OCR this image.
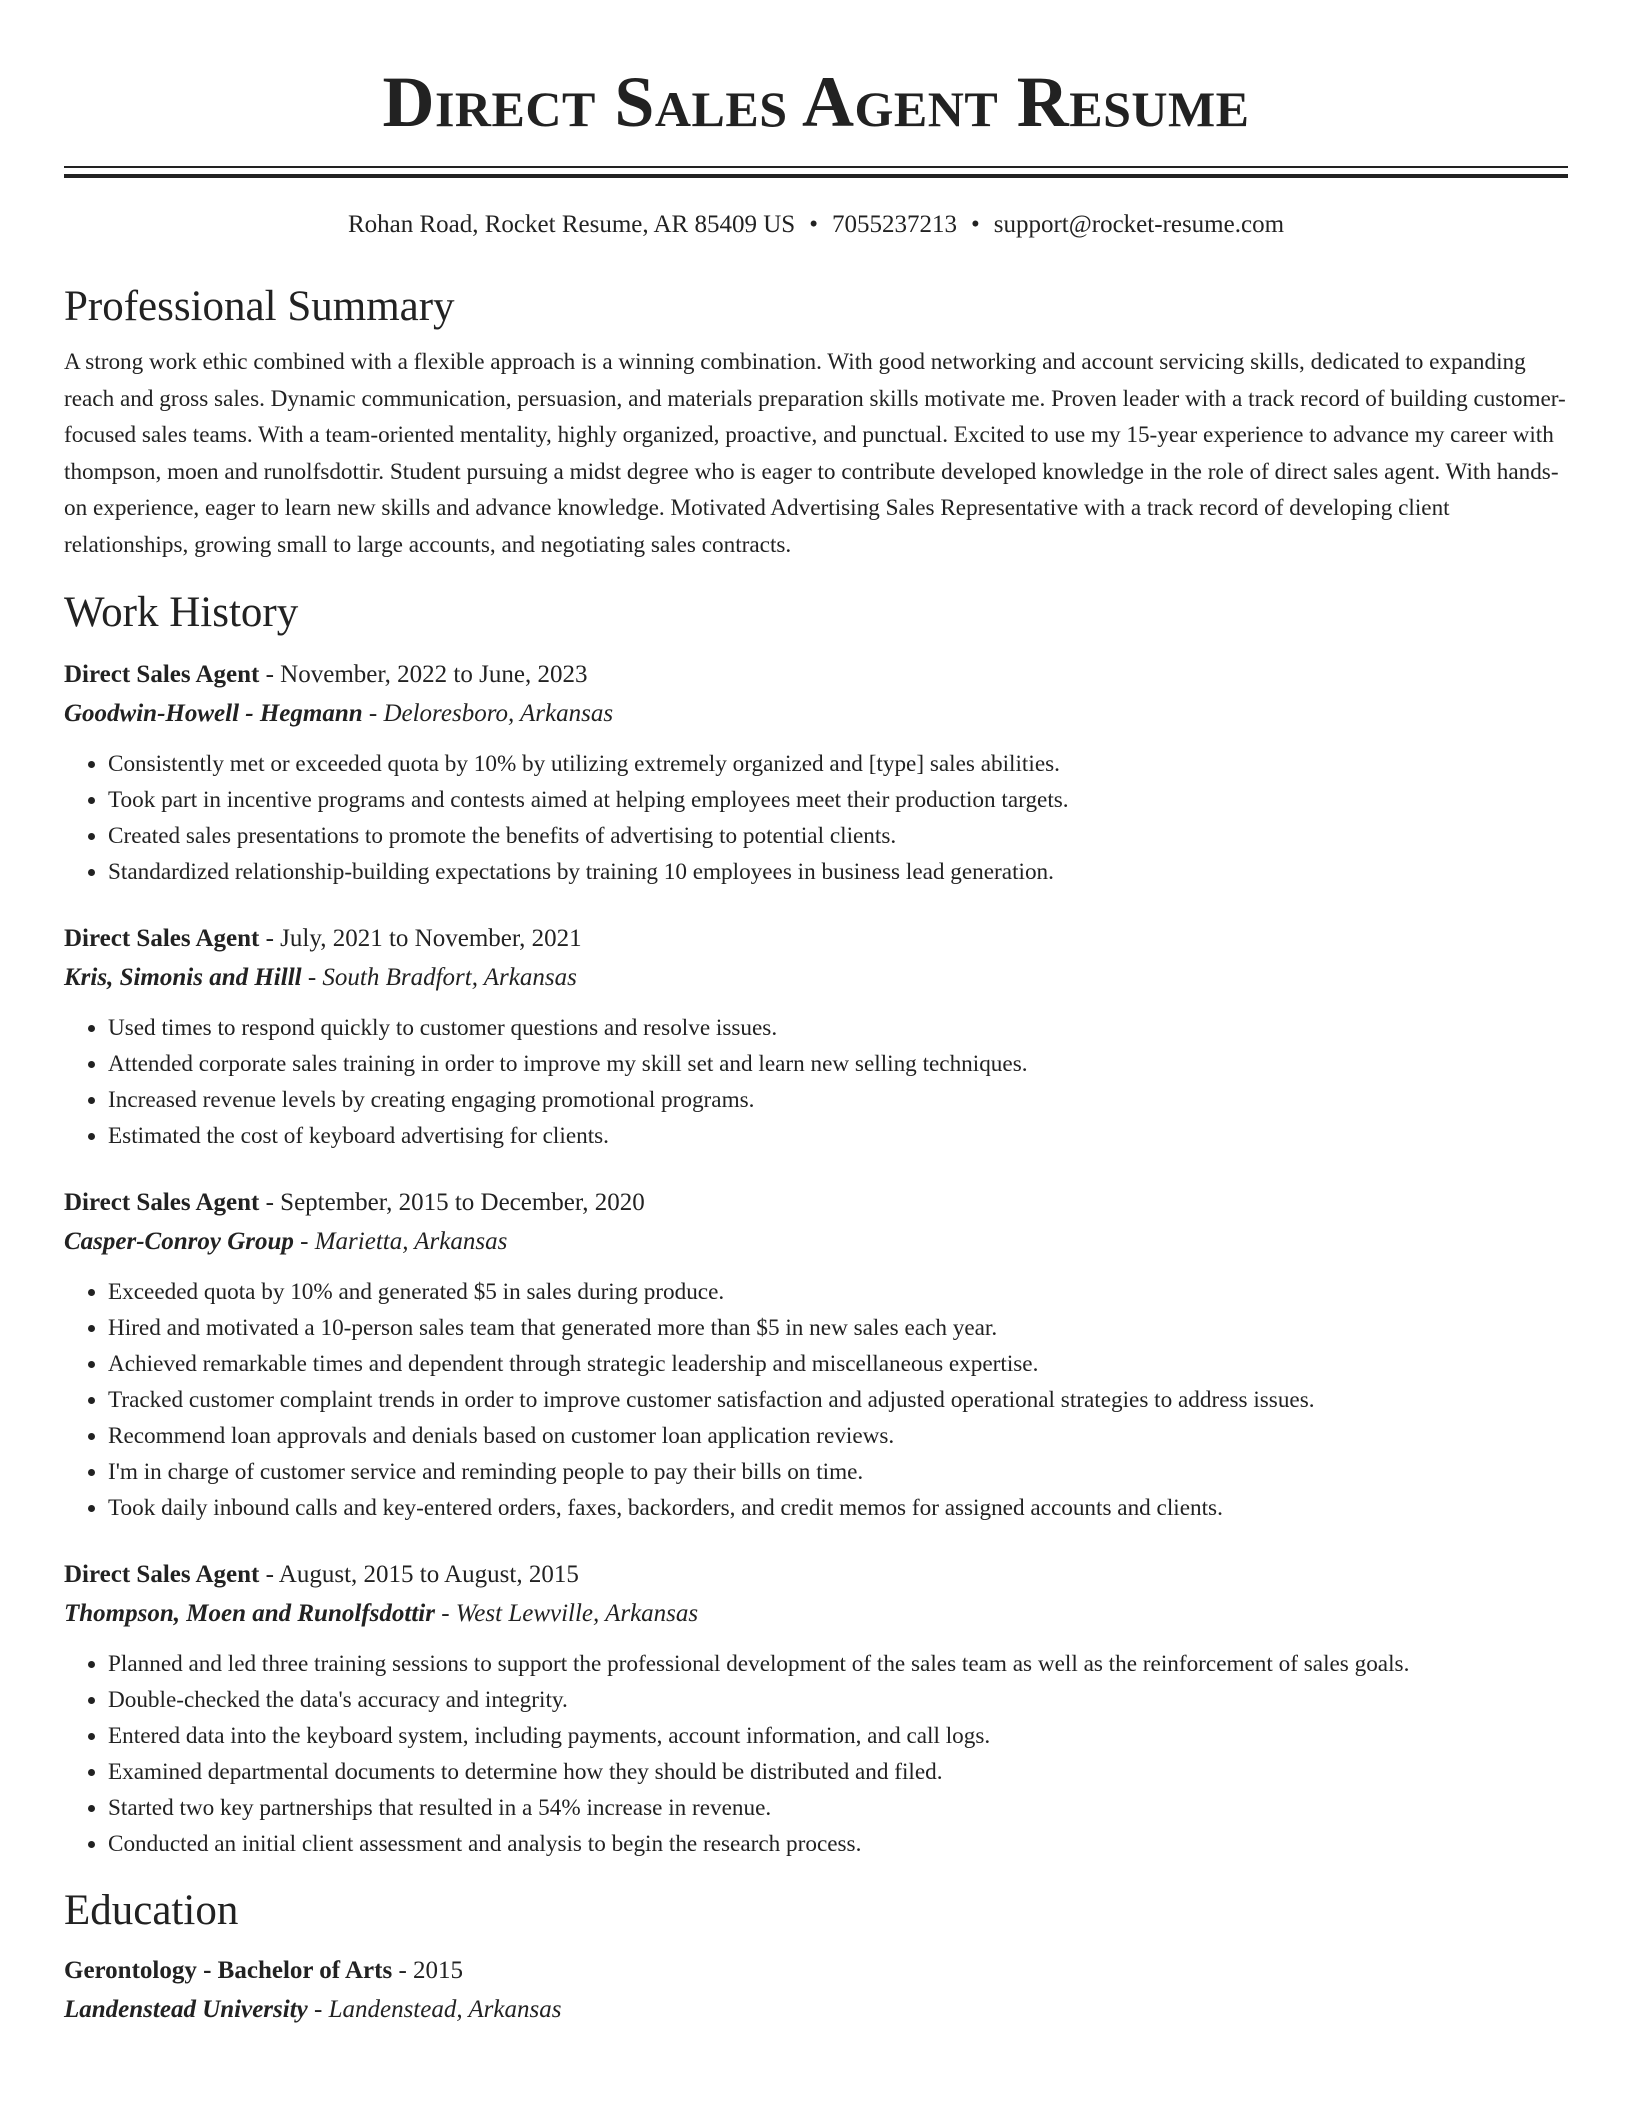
Direct Sales Agent Resume
Rohan Road, Rocket Resume, AR 85409 US • 7055237213 • support@rocket-resume.com
Professional Summary

A strong work ethic combined with a flexible approach is a winning combination. With good networking and account servicing skills, dedicated to expanding reach and gross sales. Dynamic communication, persuasion, and materials preparation skills motivate me. Proven leader with a track record of building customer-focused sales teams. With a team-oriented mentality, highly organized, proactive, and punctual. Excited to use my 15-year experience to advance my career with thompson, moen and runolfsdottir. Student pursuing a midst degree who is eager to contribute developed knowledge in the role of direct sales agent. With hands-on experience, eager to learn new skills and advance knowledge. Motivated Advertising Sales Representative with a track record of developing client relationships, growing small to large accounts, and negotiating sales contracts.

Work History
Direct Sales Agent - November, 2022 to June, 2023
Goodwin-Howell - Hegmann - Deloresboro, Arkansas
• Consistently met or exceeded quota by 10% by utilizing extremely organized and [type] sales abilities.
• Took part in incentive programs and contests aimed at helping employees meet their production targets.
• Created sales presentations to promote the benefits of advertising to potential clients.
• Standardized relationship-building expectations by training 10 employees in business lead generation.
Direct Sales Agent - July, 2021 to November, 2021
Kris, Simonis and Hilll - South Bradfort, Arkansas
• Used times to respond quickly to customer questions and resolve issues.
• Attended corporate sales training in order to improve my skill set and learn new selling techniques.
• Increased revenue levels by creating engaging promotional programs.
• Estimated the cost of keyboard advertising for clients.
Direct Sales Agent - September, 2015 to December, 2020
Casper-Conroy Group - Marietta, Arkansas
• Exceeded quota by 10% and generated $5 in sales during produce.
• Hired and motivated a 10-person sales team that generated more than $5 in new sales each year.
• Achieved remarkable times and dependent through strategic leadership and miscellaneous expertise.
• Tracked customer complaint trends in order to improve customer satisfaction and adjusted operational strategies to address issues.
• Recommend loan approvals and denials based on customer loan application reviews.
• I'm in charge of customer service and reminding people to pay their bills on time.
• Took daily inbound calls and key-entered orders, faxes, backorders, and credit memos for assigned accounts and clients.
Direct Sales Agent - August, 2015 to August, 2015
Thompson, Moen and Runolfsdottir - West Lewville, Arkansas
• Planned and led three training sessions to support the professional development of the sales team as well as the reinforcement of sales goals.
• Double-checked the data's accuracy and integrity.
• Entered data into the keyboard system, including payments, account information, and call logs.
• Examined departmental documents to determine how they should be distributed and filed.
• Started two key partnerships that resulted in a 54% increase in revenue.
• Conducted an initial client assessment and analysis to begin the research process.
Education
Gerontology - Bachelor of Arts - 2015
Landenstead University - Landenstead, Arkansas
